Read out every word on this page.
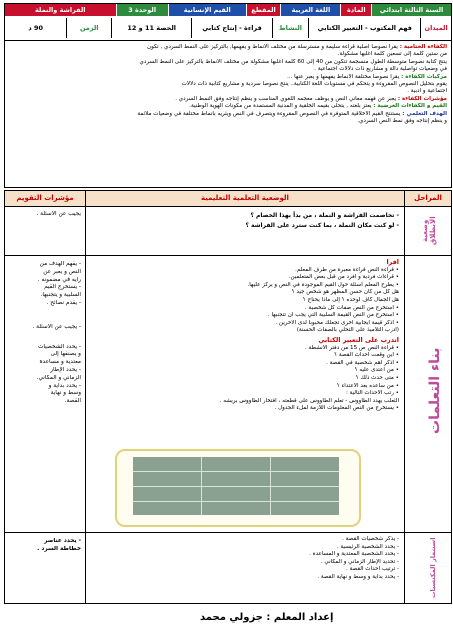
السنة الثالثة ابتدائي
المادة
اللغة العربية
المقطع
القيم الإنسانية
الوحدة 3
الفراشة والنملة
الميدان
فهم المكتوب - التعبير الكتابي
النشاط
قراءة - إنتاج كتابي
الحصة 11 و 12
الزمن
90 د

الكفاءة الختامية : يقرأ نصوصا أصلية قراءة سليمة و مسترسلة من مختلف الأنماط و يفهمها, بالتركيز على النمط السردي , تكون

من ستين كلمة إلى تسعين كلمة أغلبها مشكولة.

ينتج كتابة نصوصا متوسطة الطول منسجمة تتكون من 40 إلى 60 كلمة أغلبها مشكولة من مختلف الأنماط بالتركيز على النمط السردي

في وضعيات تواصلية دالة و مشاريع ذات دلالات اجتماعية .

مركبات الكفاءة : يقرأ نصوصا مختلفة الأنماط يفهمها و يعبر عنها ...

يقوم بتحليل النصوص المقروءة و يتحكم في مستويات اللغة الكتابية.. ينتج نصوصا سردية و مشاريع كتابية ذات دلالات

اجتماعية و أدبية .

مؤشرات الكفاءة : يعبر عن فهمه معاني النص و يوظف معجمه اللغوي المناسب و ينظم إنتاجه وفق النمط السردي .

القيم و الكفاءات العرضية : يعتز بلغته , يتحلى بقيمه الخلقية و المدنية المستمدة من مكونات الهوية الوطنية.

الهدف التعلمي : يستنتج القيم الأخلاقية المتوفرة في النصوص المقروءة ويتصرف في النص ويثريه بأنماط مختلفة في وضعيات ملائمة

و ينظم إنتاجه وفق نمط النص السردي.

المراحل
الوضعية التعلمية التعليمية
مؤشرات التقويم
وضعية الانطلاق
- تخاصمت الفراشة و النملة ، من بدأ بهذا الخصام ؟
- لو كنت مكان النملة ، بما كنت سترد على الفراشة ؟
يجيب عن الأسئلة .
بناء التعلمات
أقرأ
• قراءة النص قراءة معبرة من طرف المعلم.
• قراءات فردية و أفرد من قبل بعض المتعلمين.
• يطرح المعلم أسئلة حول القيم الموجودة في النص و يركز عليها.
هل كل من كان حسن المظهر هو شخص جيد ؟
هل الجمال كاف لوحده ؟ إلى ماذا يحتاج ؟
• استخرج من النص صفات كل شخصية .
• استخرج من النص القيمة السلبية التي يجب أن تتجنبها .
• اذكر قيمة ايجابية أخرى تجعلك محبوبا لدى الآخرين .
(أدرب التلاميذ على التحلي بالصفات الحسنة)
أتدرب على التعبير الكتابي
• قراءة النص ص 15 من دفتر الأنشطة .
• أين وقعت أحداث القصة ؟
• اذكر أهم شخصية في القصة .
• من اعتدى عليه ؟
• متى حدث ذلك ؟
• من ساعده بعد الاعتداء ؟
• رتب الأحداث التالية :
الثعلب يهدد الطاووس - تعلم الطاووس على قطعته ، افتخار الطاووس بريشه .
• يستخرج من النص المعلومات اللازمة لملء الجدول .
- يفهم الهدف من
النص و يعبر عن
رأيه في مضمونه .
- يستخرج القيم
السلبية و يتجنبها.
- يقدم نصائح .
- يجيب عن الأسئلة .
- يحدد الشخصيات
و يصنفها إلى
معتدية و مساعدة
- يحدد الإطار
الزماني و المكاني.
- يحدد بداية و
وسط و نهاية
القصة.
استثمار المكتسبات
- يذكر شخصيات القصة .
- يحدد الشخصية الرئيسية .
- يحدد الشخصية المعتدية و المساعدة .
- تحديد الإطار الزماني و المكاني .
- ترتيب أحداث القصة .
- يحدد بداية و وسط و نهاية القصة .
- يحدد عناصر
خطاطة السرد .
إعداد المعلم : جزولي محمد
